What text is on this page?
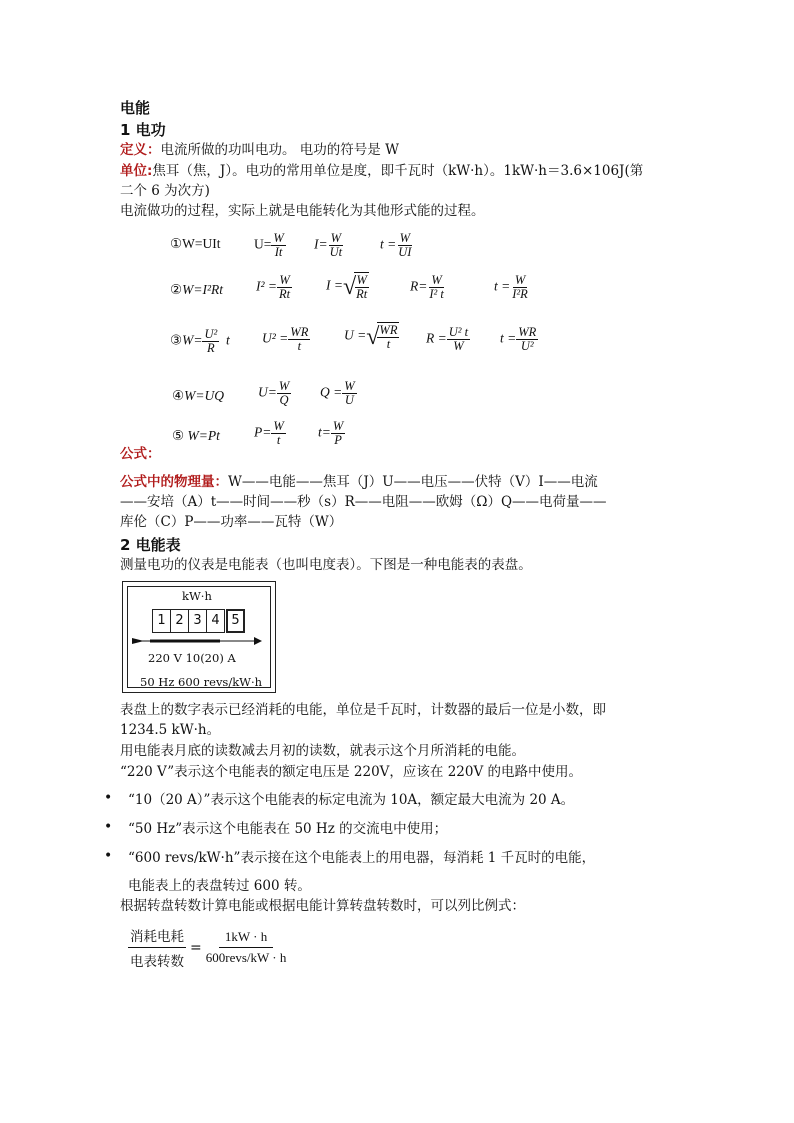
电能
1 电功
定义：电流所做的功叫电功。 电功的符号是 W
单位:焦耳（焦，J）。电功的常用单位是度，即千瓦时（kW·h）。1kW·h＝3.6×106J(第
二个 6 为次方)
电流做功的过程，实际上就是电能转化为其他形式能的过程。
①W=UIt $U= \frac{W}{It} I= \frac{W}{Ut}$	$t = \frac{W}{UI}$
②W=I²Rt $I^2 = \frac{W}{Rt}$	I = √
$\frac{W}{Rt}$	$R= \frac{W}{\text{I² t}}$	$t = \frac{W}{\text{I²R}}$
③W= $\frac{\text{U²}}{R}$ t $U^2 = \frac{WR}{t}$ U = √
$\frac{WR}{t}$ $R = \frac{\text{U² t}}{W}$ $t = \frac{WR}{\text{U²}}$
④W=UQ	$U= \frac{W}{Q}$ $Q = \frac{W}{U}$
⑤ W=Pt	$P= \frac{W}{t} t= \frac{W}{P}$
公式：
公式中的物理量：W——电能——焦耳（J）U——电压——伏特（V）I——电流
——安培（A）t——时间——秒（s）R——电阻——欧姆（Ω）Q——电荷量——
库伦（C）P——功率——瓦特（W）
2 电能表
测量电功的仪表是电能表（也叫电度表）。下图是一种电能表的表盘。
kW·h
1 2 3 4 5
220 V 10(20) A
50 Hz 600 revs/kW·h
表盘上的数字表示已经消耗的电能，单位是千瓦时，计数器的最后一位是小数，即
1234.5 kW·h。
用电能表月底的读数减去月初的读数，就表示这个月所消耗的电能。
“220 V”表示这个电能表的额定电压是 220V，应该在 220V 的电路中使用。
• “10（20 A）”表示这个电能表的标定电流为 10A，额定最大电流为 20 A。
• “50 Hz”表示这个电能表在 50 Hz 的交流电中使用；
• “600 revs/kW·h”表示接在这个电能表上的用电器，每消耗 1 千瓦时的电能，
电能表上的表盘转过 600 转。
根据转盘转数计算电能或根据电能计算转盘转数时，可以列比例式：
消耗电耗
电表转数
=
1kW · h
600revs/kW · h
